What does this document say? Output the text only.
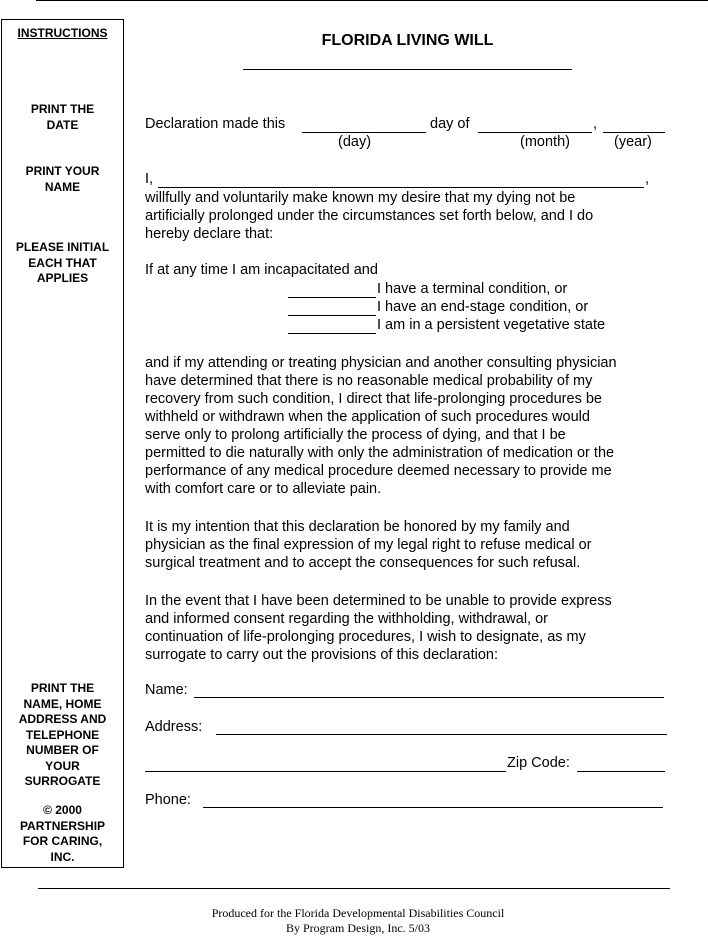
INSTRUCTIONS
PRINT THE
DATE
PRINT YOUR
NAME
PLEASE INITIAL
EACH THAT
APPLIES
PRINT THE
NAME, HOME
ADDRESS AND
TELEPHONE
NUMBER OF
YOUR
SURROGATE
© 2000
PARTNERSHIP
FOR CARING,
INC.
FLORIDA LIVING WILL
Declaration made this	day of	,
(day)	(month)	(year)
I,	,
willfully and voluntarily make known my desire that my dying not be
artificially prolonged under the circumstances set forth below, and I do
hereby declare that:
If at any time I am incapacitated and
I have a terminal condition, or
I have an end-stage condition, or
I am in a persistent vegetative state
and if my attending or treating physician and another consulting physician
have determined that there is no reasonable medical probability of my
recovery from such condition, I direct that life-prolonging procedures be
withheld or withdrawn when the application of such procedures would
serve only to prolong artificially the process of dying, and that I be
permitted to die naturally with only the administration of medication or the
performance of any medical procedure deemed necessary to provide me
with comfort care or to alleviate pain.
It is my intention that this declaration be honored by my family and
physician as the final expression of my legal right to refuse medical or
surgical treatment and to accept the consequences for such refusal.
In the event that I have been determined to be unable to provide express
and informed consent regarding the withholding, withdrawal, or
continuation of life-prolonging procedures, I wish to designate, as my
surrogate to carry out the provisions of this declaration:
Name:
Address:
Zip Code:
Phone:
Produced for the Florida Developmental Disabilities Council
By Program Design, Inc. 5/03
